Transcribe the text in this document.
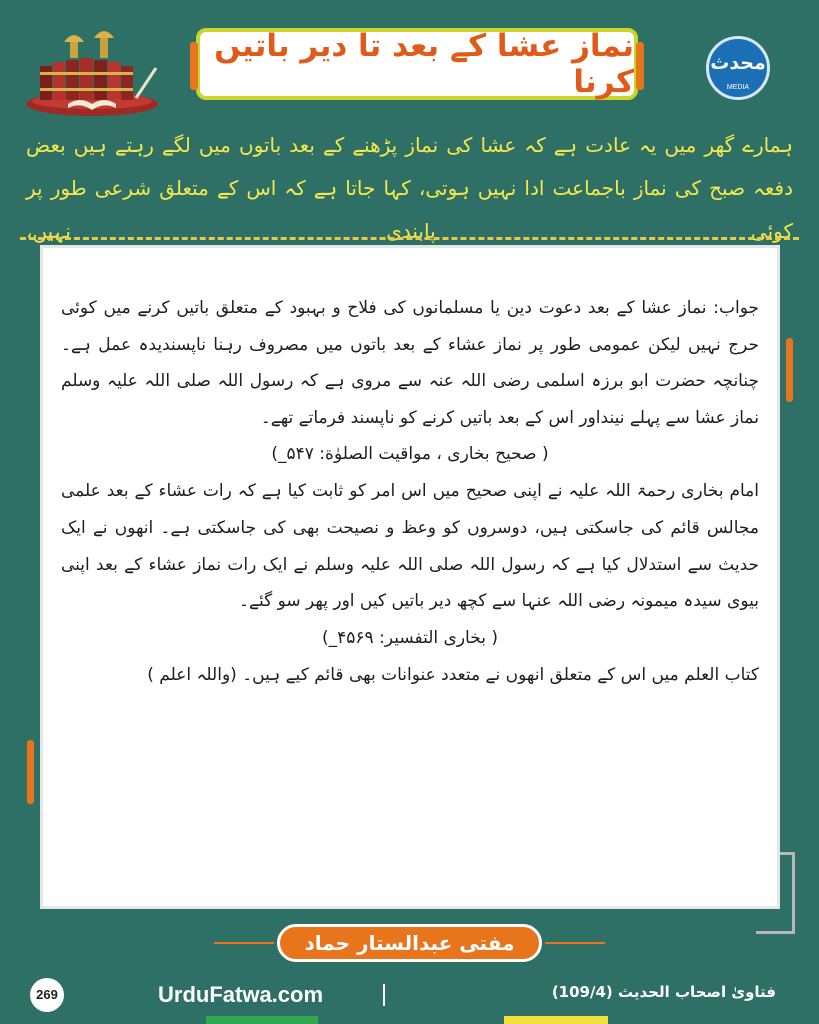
نماز عشا کے بعد تا دیر باتیں کرنا
محدث
MEDIA
ہمارے گھر میں یہ عادت ہے کہ عشا کی نماز پڑھنے کے بعد باتوں میں لگے رہتے ہیں بعض دفعہ صبح کی نماز باجماعت ادا نہیں ہوتی، کہا جاتا ہے کہ اس کے متعلق شرعی طور پر کوئی پابندی نہیں،

جواب: نماز عشا کے بعد دعوت دین یا مسلمانوں کی فلاح و بہبود کے متعلق باتیں کرنے میں کوئی حرج نہیں لیکن عمومی طور پر نماز عشاء کے بعد باتوں میں مصروف رہنا ناپسندیدہ عمل ہے۔ چنانچہ حضرت ابو برزہ اسلمی رضی اللہ عنہ سے مروی ہے کہ رسول اللہ صلی اللہ علیہ وسلم نماز عشا سے پہلے نینداور اس کے بعد باتیں کرنے کو ناپسند فرماتے تھے۔

( صحیح بخاری ، مواقیت الصلوٰة: ۵۴۷_)

امام بخاری رحمۃ اللہ علیہ نے اپنی صحیح میں اس امر کو ثابت کیا ہے کہ رات عشاء کے بعد علمی مجالس قائم کی جاسکتی ہیں، دوسروں کو وعظ و نصیحت بھی کی جاسکتی ہے۔ انھوں نے ایک حدیث سے استدلال کیا ہے کہ رسول اللہ صلی اللہ علیہ وسلم نے ایک رات نماز عشاء کے بعد اپنی بیوی سیدہ میمونہ رضی اللہ عنہا سے کچھ دیر باتیں کیں اور پھر سو گئے۔

( بخاری التفسیر: ۴۵۶۹_)

کتاب العلم میں اس کے متعلق انھوں نے متعدد عنوانات بھی قائم کیے ہیں۔ (واللہ اعلم )

مفتی عبدالستار حماد
269	UrduFatwa.com	فتاویٰ اصحاب الحدیث (109/4)
